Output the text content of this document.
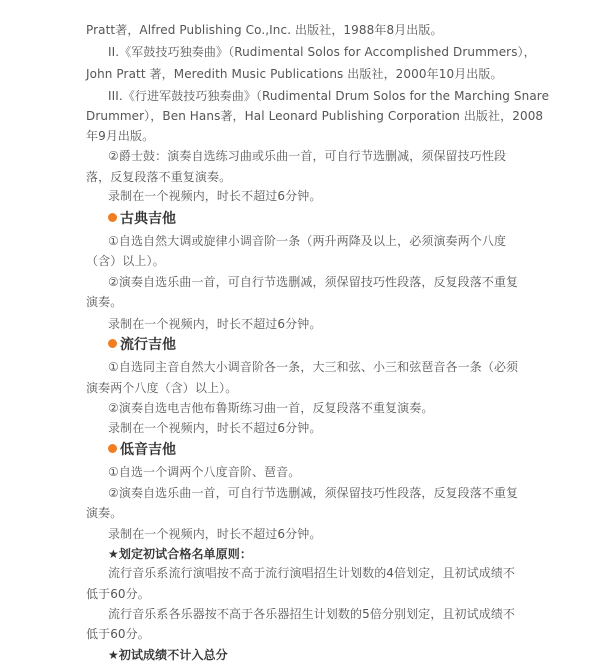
Pratt著，Alfred Publishing Co.,Inc. 出版社，1988年8月出版。
II.《军鼓技巧独奏曲》（Rudimental Solos for Accomplished Drummers），
John Pratt 著，Meredith Music Publications 出版社，2000年10月出版。
III.《行进军鼓技巧独奏曲》（Rudimental Drum Solos for the Marching Snare
Drummer），Ben Hans著，Hal Leonard Publishing Corporation 出版社，2008
年9月出版。
②爵士鼓：演奏自选练习曲或乐曲一首，可自行节选删减，须保留技巧性段
落，反复段落不重复演奏。
录制在一个视频内，时长不超过6分钟。
古典吉他
①自选自然大调或旋律小调音阶一条（两升两降及以上，必须演奏两个八度
（含）以上）。
②演奏自选乐曲一首，可自行节选删减，须保留技巧性段落，反复段落不重复
演奏。
录制在一个视频内，时长不超过6分钟。
流行吉他
①自选同主音自然大小调音阶各一条，大三和弦、小三和弦琶音各一条（必须
演奏两个八度（含）以上）。
②演奏自选电吉他布鲁斯练习曲一首，反复段落不重复演奏。
录制在一个视频内，时长不超过6分钟。
低音吉他
①自选一个调两个八度音阶、琶音。
②演奏自选乐曲一首，可自行节选删减，须保留技巧性段落，反复段落不重复
演奏。
录制在一个视频内，时长不超过6分钟。
★划定初试合格名单原则：
流行音乐系流行演唱按不高于流行演唱招生计划数的4倍划定，且初试成绩不
低于60分。
流行音乐系各乐器按不高于各乐器招生计划数的5倍分别划定，且初试成绩不
低于60分。
★初试成绩不计入总分
